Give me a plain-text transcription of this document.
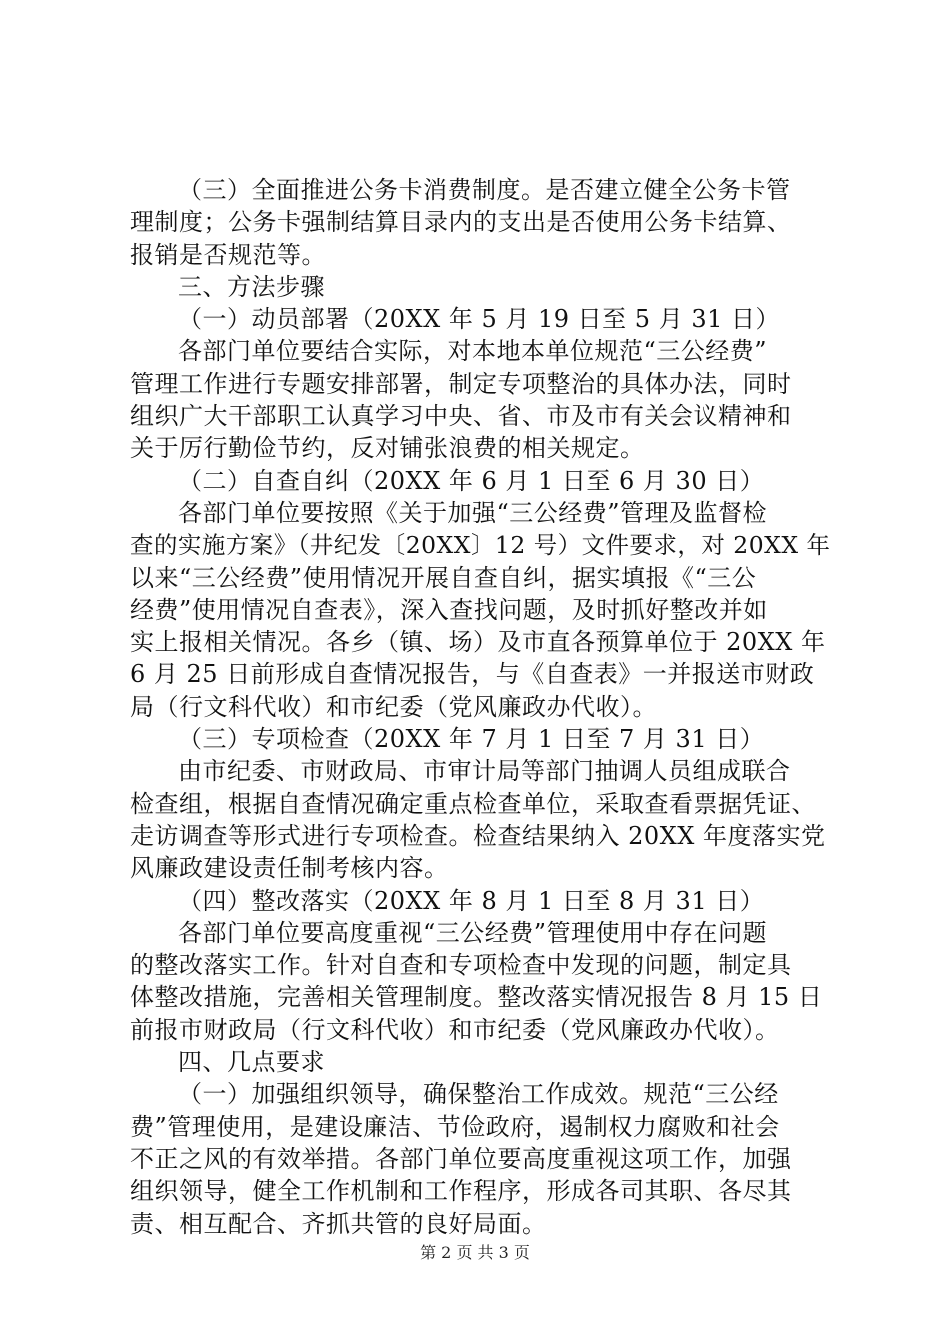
（三）全面推进公务卡消费制度。是否建立健全公务卡管
理制度；公务卡强制结算目录内的支出是否使用公务卡结算、
报销是否规范等。
三、方法步骤
（一）动员部署（20XX 年 5 月 19 日至 5 月 31 日）
各部门单位要结合实际，对本地本单位规范“三公经费”
管理工作进行专题安排部署，制定专项整治的具体办法，同时
组织广大干部职工认真学习中央、省、市及市有关会议精神和
关于厉行勤俭节约，反对铺张浪费的相关规定。
（二）自查自纠（20XX 年 6 月 1 日至 6 月 30 日）
各部门单位要按照《关于加强“三公经费”管理及监督检
查的实施方案》（井纪发〔20XX〕12 号）文件要求，对 20XX 年
以来“三公经费”使用情况开展自查自纠，据实填报《“三公
经费”使用情况自查表》，深入查找问题，及时抓好整改并如
实上报相关情况。各乡（镇、场）及市直各预算单位于 20XX 年
6 月 25 日前形成自查情况报告，与《自查表》一并报送市财政
局（行文科代收）和市纪委（党风廉政办代收）。
（三）专项检查（20XX 年 7 月 1 日至 7 月 31 日）
由市纪委、市财政局、市审计局等部门抽调人员组成联合
检查组，根据自查情况确定重点检查单位，采取查看票据凭证、
走访调查等形式进行专项检查。检查结果纳入 20XX 年度落实党
风廉政建设责任制考核内容。
（四）整改落实（20XX 年 8 月 1 日至 8 月 31 日）
各部门单位要高度重视“三公经费”管理使用中存在问题
的整改落实工作。针对自查和专项检查中发现的问题，制定具
体整改措施，完善相关管理制度。整改落实情况报告 8 月 15 日
前报市财政局（行文科代收）和市纪委（党风廉政办代收）。
四、几点要求
（一）加强组织领导，确保整治工作成效。规范“三公经
费”管理使用，是建设廉洁、节俭政府，遏制权力腐败和社会
不正之风的有效举措。各部门单位要高度重视这项工作，加强
组织领导，健全工作机制和工作程序，形成各司其职、各尽其
责、相互配合、齐抓共管的良好局面。
第 2 页 共 3 页
